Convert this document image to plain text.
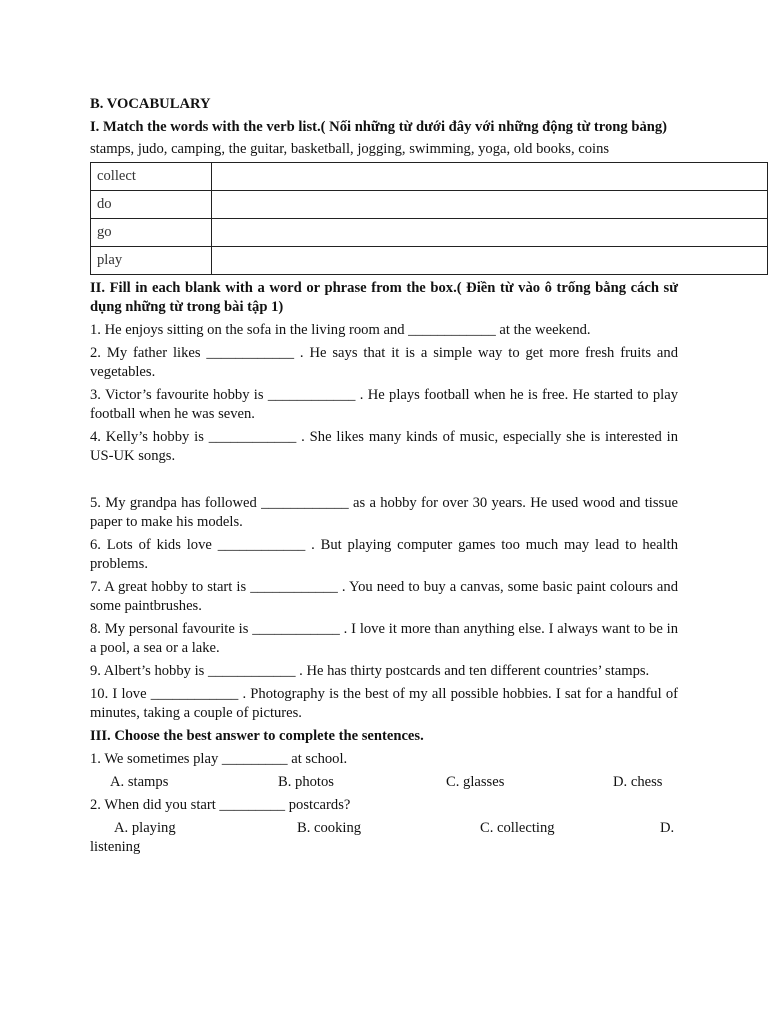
B. VOCABULARY
I. Match the words with the verb list.( Nối những từ dưới đây với những động từ trong bảng)
stamps, judo, camping, the guitar, basketball, jogging, swimming, yoga, old books, coins
collect	
do	
go	
play	
II. Fill in each blank with a word or phrase from the box.( Điền từ vào ô trống bằng cách sử dụng những từ trong bài tập 1)
1. He enjoys sitting on the sofa in the living room and ____________ at the weekend.
2. My father likes ____________ . He says that it is a simple way to get more fresh fruits and vegetables.
3. Victor’s favourite hobby is ____________ . He plays football when he is free. He started to play football when he was seven.
4. Kelly’s hobby is ____________ . She likes many kinds of music, especially she is interested in US-UK songs.
5. My grandpa has followed ____________ as a hobby for over 30 years. He used wood and tissue paper to make his models.
6. Lots of kids love ____________ . But playing computer games too much may lead to health problems.
7. A great hobby to start is ____________ . You need to buy a canvas, some basic paint colours and some paintbrushes.
8. My personal favourite is ____________ . I love it more than anything else. I always want to be in a pool, a sea or a lake.
9. Albert’s hobby is ____________ . He has thirty postcards and ten different countries’ stamps.
10. I love ____________ . Photography is the best of my all possible hobbies. I sat for a handful of minutes, taking a couple of pictures.
III. Choose the best answer to complete the sentences.
1. We sometimes play _________ at school.
A. stamps	B. photos	C. glasses	D. chess
2. When did you start _________ postcards?
A. playing	B. cooking	C. collecting	D.
listening
